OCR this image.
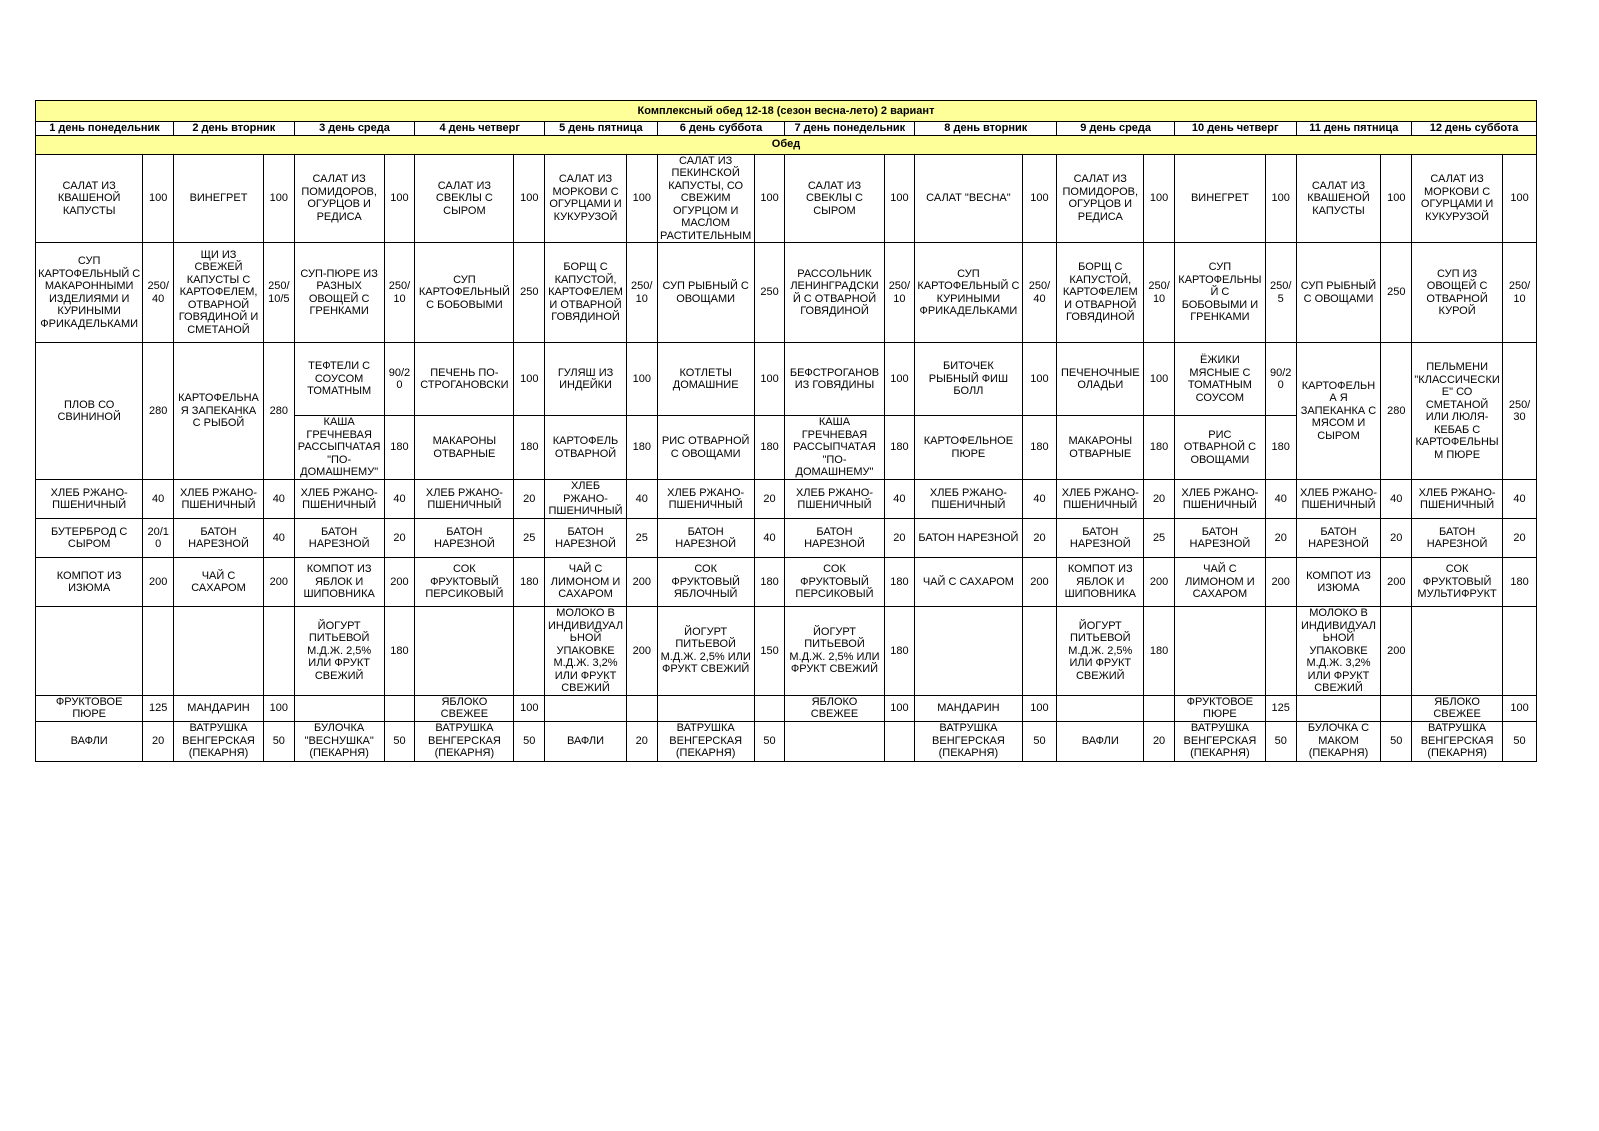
Комплексный обед 12-18 (сезон весна-лето) 2 вариант																							
1 день понедельник		2 день вторник		3 день среда		4 день четверг		5 день пятница		6 день суббота		7 день понедельник		8 день вторник		9 день среда		10 день четверг		11 день пятница		12 день суббота	
Обед																							
САЛАТ ИЗ КВАШЕНОЙ КАПУСТЫ	100	ВИНЕГРЕТ	100	САЛАТ ИЗ ПОМИДОРОВ, ОГУРЦОВ И РЕДИСА	100	САЛАТ ИЗ СВЕКЛЫ С СЫРОМ	100	САЛАТ ИЗ МОРКОВИ С ОГУРЦАМИ И КУКУРУЗОЙ	100	САЛАТ ИЗ ПЕКИНСКОЙ КАПУСТЫ, СО СВЕЖИМ ОГУРЦОМ И МАСЛОМ РАСТИТЕЛЬНЫМ	100	САЛАТ ИЗ СВЕКЛЫ С СЫРОМ	100	САЛАТ "ВЕСНА"	100	САЛАТ ИЗ ПОМИДОРОВ, ОГУРЦОВ И РЕДИСА	100	ВИНЕГРЕТ	100	САЛАТ ИЗ КВАШЕНОЙ КАПУСТЫ	100	САЛАТ ИЗ МОРКОВИ С ОГУРЦАМИ И КУКУРУЗОЙ	100
СУП КАРТОФЕЛЬНЫЙ С МАКАРОННЫМИ ИЗДЕЛИЯМИ И КУРИНЫМИ ФРИКАДЕЛЬКАМИ	250/ 40	ЩИ ИЗ СВЕЖЕЙ КАПУСТЫ С КАРТОФЕЛЕМ, ОТВАРНОЙ ГОВЯДИНОЙ И СМЕТАНОЙ	250/ 10/5	СУП-ПЮРЕ ИЗ РАЗНЫХ ОВОЩЕЙ С ГРЕНКАМИ	250/ 10	СУП КАРТОФЕЛЬНЫЙ С БОБОВЫМИ	250	БОРЩ С КАПУСТОЙ, КАРТОФЕЛЕМ И ОТВАРНОЙ ГОВЯДИНОЙ	250/ 10	СУП РЫБНЫЙ С ОВОЩАМИ	250	РАССОЛЬНИК ЛЕНИНГРАДСКИЙ С ОТВАРНОЙ ГОВЯДИНОЙ	250/ 10	СУП КАРТОФЕЛЬНЫЙ С КУРИНЫМИ ФРИКАДЕЛЬКАМИ	250/ 40	БОРЩ С КАПУСТОЙ, КАРТОФЕЛЕМ И ОТВАРНОЙ ГОВЯДИНОЙ	250/ 10	СУП КАРТОФЕЛЬНЫ Й С БОБОВЫМИ И ГРЕНКАМИ	250/ 5	СУП РЫБНЫЙ С ОВОЩАМИ	250	СУП ИЗ ОВОЩЕЙ С ОТВАРНОЙ КУРОЙ	250/ 10
ПЛОВ СО СВИНИНОЙ	280	КАРТОФЕЛЬНА Я ЗАПЕКАНКА С РЫБОЙ	280	ТЕФТЕЛИ С СОУСОМ ТОМАТНЫМ	90/2 0	ПЕЧЕНЬ ПО-СТРОГАНОВСКИ	100	ГУЛЯШ ИЗ ИНДЕЙКИ	100	КОТЛЕТЫ ДОМАШНИЕ	100	БЕФСТРОГАНОВ ИЗ ГОВЯДИНЫ	100	БИТОЧЕК РЫБНЫЙ ФИШ БОЛЛ	100	ПЕЧЕНОЧНЫЕ ОЛАДЬИ	100	ЁЖИКИ МЯСНЫЕ С ТОМАТНЫМ СОУСОМ	90/2 0	КАРТОФЕЛЬНА Я ЗАПЕКАНКА С МЯСОМ И СЫРОМ	280	ПЕЛЬМЕНИ "КЛАССИЧЕСКИ Е" СО СМЕТАНОЙ ИЛИ ЛЮЛЯ-КЕБАБ С КАРТОФЕЛЬНЫ М ПЮРЕ	250/ 30
				КАША ГРЕЧНЕВАЯ РАССЫПЧАТАЯ "ПО-ДОМАШНЕМУ"	180	МАКАРОНЫ ОТВАРНЫЕ	180	КАРТОФЕЛЬ ОТВАРНОЙ	180	РИС ОТВАРНОЙ С ОВОЩАМИ	180	КАША ГРЕЧНЕВАЯ РАССЫПЧАТАЯ "ПО-ДОМАШНЕМУ"	180	КАРТОФЕЛЬНОЕ ПЮРЕ	180	МАКАРОНЫ ОТВАРНЫЕ	180	РИС ОТВАРНОЙ С ОВОЩАМИ	180				
ХЛЕБ РЖАНО-ПШЕНИЧНЫЙ	40	ХЛЕБ РЖАНО-ПШЕНИЧНЫЙ	40	ХЛЕБ РЖАНО-ПШЕНИЧНЫЙ	40	ХЛЕБ РЖАНО-ПШЕНИЧНЫЙ	20	ХЛЕБ РЖАНО-ПШЕНИЧНЫЙ	40	ХЛЕБ РЖАНО-ПШЕНИЧНЫЙ	20	ХЛЕБ РЖАНО-ПШЕНИЧНЫЙ	40	ХЛЕБ РЖАНО-ПШЕНИЧНЫЙ	40	ХЛЕБ РЖАНО-ПШЕНИЧНЫЙ	20	ХЛЕБ РЖАНО-ПШЕНИЧНЫЙ	40	ХЛЕБ РЖАНО-ПШЕНИЧНЫЙ	40	ХЛЕБ РЖАНО-ПШЕНИЧНЫЙ	40
БУТЕРБРОД С СЫРОМ	20/1 0	БАТОН НАРЕЗНОЙ	40	БАТОН НАРЕЗНОЙ	20	БАТОН НАРЕЗНОЙ	25	БАТОН НАРЕЗНОЙ	25	БАТОН НАРЕЗНОЙ	40	БАТОН НАРЕЗНОЙ	20	БАТОН НАРЕЗНОЙ	20	БАТОН НАРЕЗНОЙ	25	БАТОН НАРЕЗНОЙ	20	БАТОН НАРЕЗНОЙ	20	БАТОН НАРЕЗНОЙ	20
КОМПОТ ИЗ ИЗЮМА	200	ЧАЙ С САХАРОМ	200	КОМПОТ ИЗ ЯБЛОК И ШИПОВНИКА	200	СОК ФРУКТОВЫЙ ПЕРСИКОВЫЙ	180	ЧАЙ С ЛИМОНОМ И САХАРОМ	200	СОК ФРУКТОВЫЙ ЯБЛОЧНЫЙ	180	СОК ФРУКТОВЫЙ ПЕРСИКОВЫЙ	180	ЧАЙ С САХАРОМ	200	КОМПОТ ИЗ ЯБЛОК И ШИПОВНИКА	200	ЧАЙ С ЛИМОНОМ И САХАРОМ	200	КОМПОТ ИЗ ИЗЮМА	200	СОК ФРУКТОВЫЙ МУЛЬТИФРУКТ	180
				ЙОГУРТ ПИТЬЕВОЙ М.Д.Ж. 2,5% ИЛИ ФРУКТ СВЕЖИЙ	180			МОЛОКО В ИНДИВИДУАЛ ЬНОЙ УПАКОВКЕ М.Д.Ж. 3,2% ИЛИ ФРУКТ СВЕЖИЙ	200	ЙОГУРТ ПИТЬЕВОЙ М.Д.Ж. 2,5% ИЛИ ФРУКТ СВЕЖИЙ	150	ЙОГУРТ ПИТЬЕВОЙ М.Д.Ж. 2,5% ИЛИ ФРУКТ СВЕЖИЙ	180			ЙОГУРТ ПИТЬЕВОЙ М.Д.Ж. 2,5% ИЛИ ФРУКТ СВЕЖИЙ	180			МОЛОКО В ИНДИВИДУАЛ ЬНОЙ УПАКОВКЕ М.Д.Ж. 3,2% ИЛИ ФРУКТ СВЕЖИЙ	200		
ФРУКТОВОЕ ПЮРЕ	125	МАНДАРИН	100			ЯБЛОКО СВЕЖЕЕ	100					ЯБЛОКО СВЕЖЕЕ	100	МАНДАРИН	100			ФРУКТОВОЕ ПЮРЕ	125			ЯБЛОКО СВЕЖЕЕ	100
ВАФЛИ	20	ВАТРУШКА ВЕНГЕРСКАЯ (ПЕКАРНЯ)	50	БУЛОЧКА "ВЕСНУШКА" (ПЕКАРНЯ)	50	ВАТРУШКА ВЕНГЕРСКАЯ (ПЕКАРНЯ)	50	ВАФЛИ	20	ВАТРУШКА ВЕНГЕРСКАЯ (ПЕКАРНЯ)	50			ВАТРУШКА ВЕНГЕРСКАЯ (ПЕКАРНЯ)	50	ВАФЛИ	20	ВАТРУШКА ВЕНГЕРСКАЯ (ПЕКАРНЯ)	50	БУЛОЧКА С МАКОМ (ПЕКАРНЯ)	50	ВАТРУШКА ВЕНГЕРСКАЯ (ПЕКАРНЯ)	50
